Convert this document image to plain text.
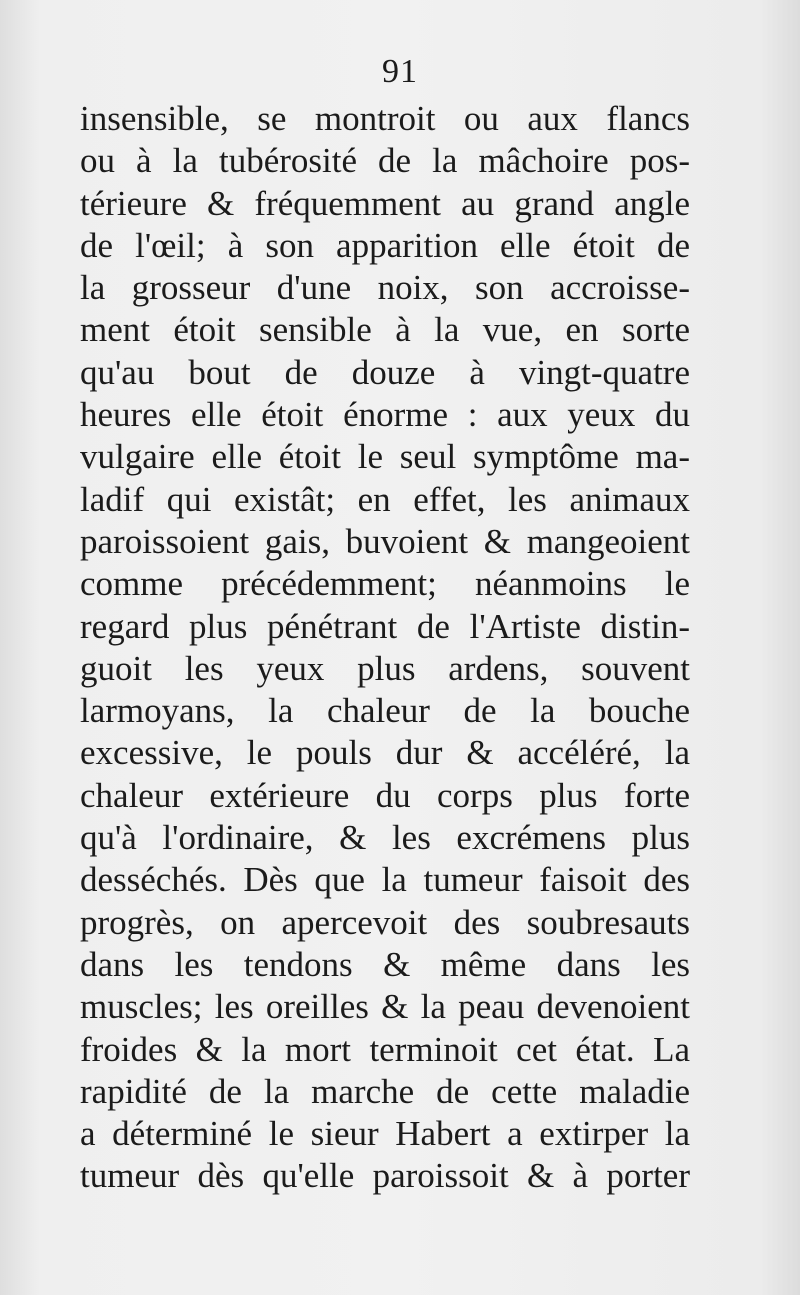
91
insensible, se montroit ou aux flancs
ou à la tubérosité de la mâchoire pos-
térieure & fréquemment au grand angle
de l'œil; à son apparition elle étoit de
la grosseur d'une noix, son accroisse-
ment étoit sensible à la vue, en sorte
qu'au bout de douze à vingt-quatre
heures elle étoit énorme : aux yeux du
vulgaire elle étoit le seul symptôme ma-
ladif qui existât; en effet, les animaux
paroissoient gais, buvoient & mangeoient
comme précédemment; néanmoins le
regard plus pénétrant de l'Artiste distin-
guoit les yeux plus ardens, souvent
larmoyans, la chaleur de la bouche
excessive, le pouls dur & accéléré, la
chaleur extérieure du corps plus forte
qu'à l'ordinaire, & les excrémens plus
desséchés. Dès que la tumeur faisoit des
progrès, on apercevoit des soubresauts
dans les tendons & même dans les
muscles; les oreilles & la peau devenoient
froides & la mort terminoit cet état. La
rapidité de la marche de cette maladie
a déterminé le sieur Habert a extirper la
tumeur dès qu'elle paroissoit & à porter
